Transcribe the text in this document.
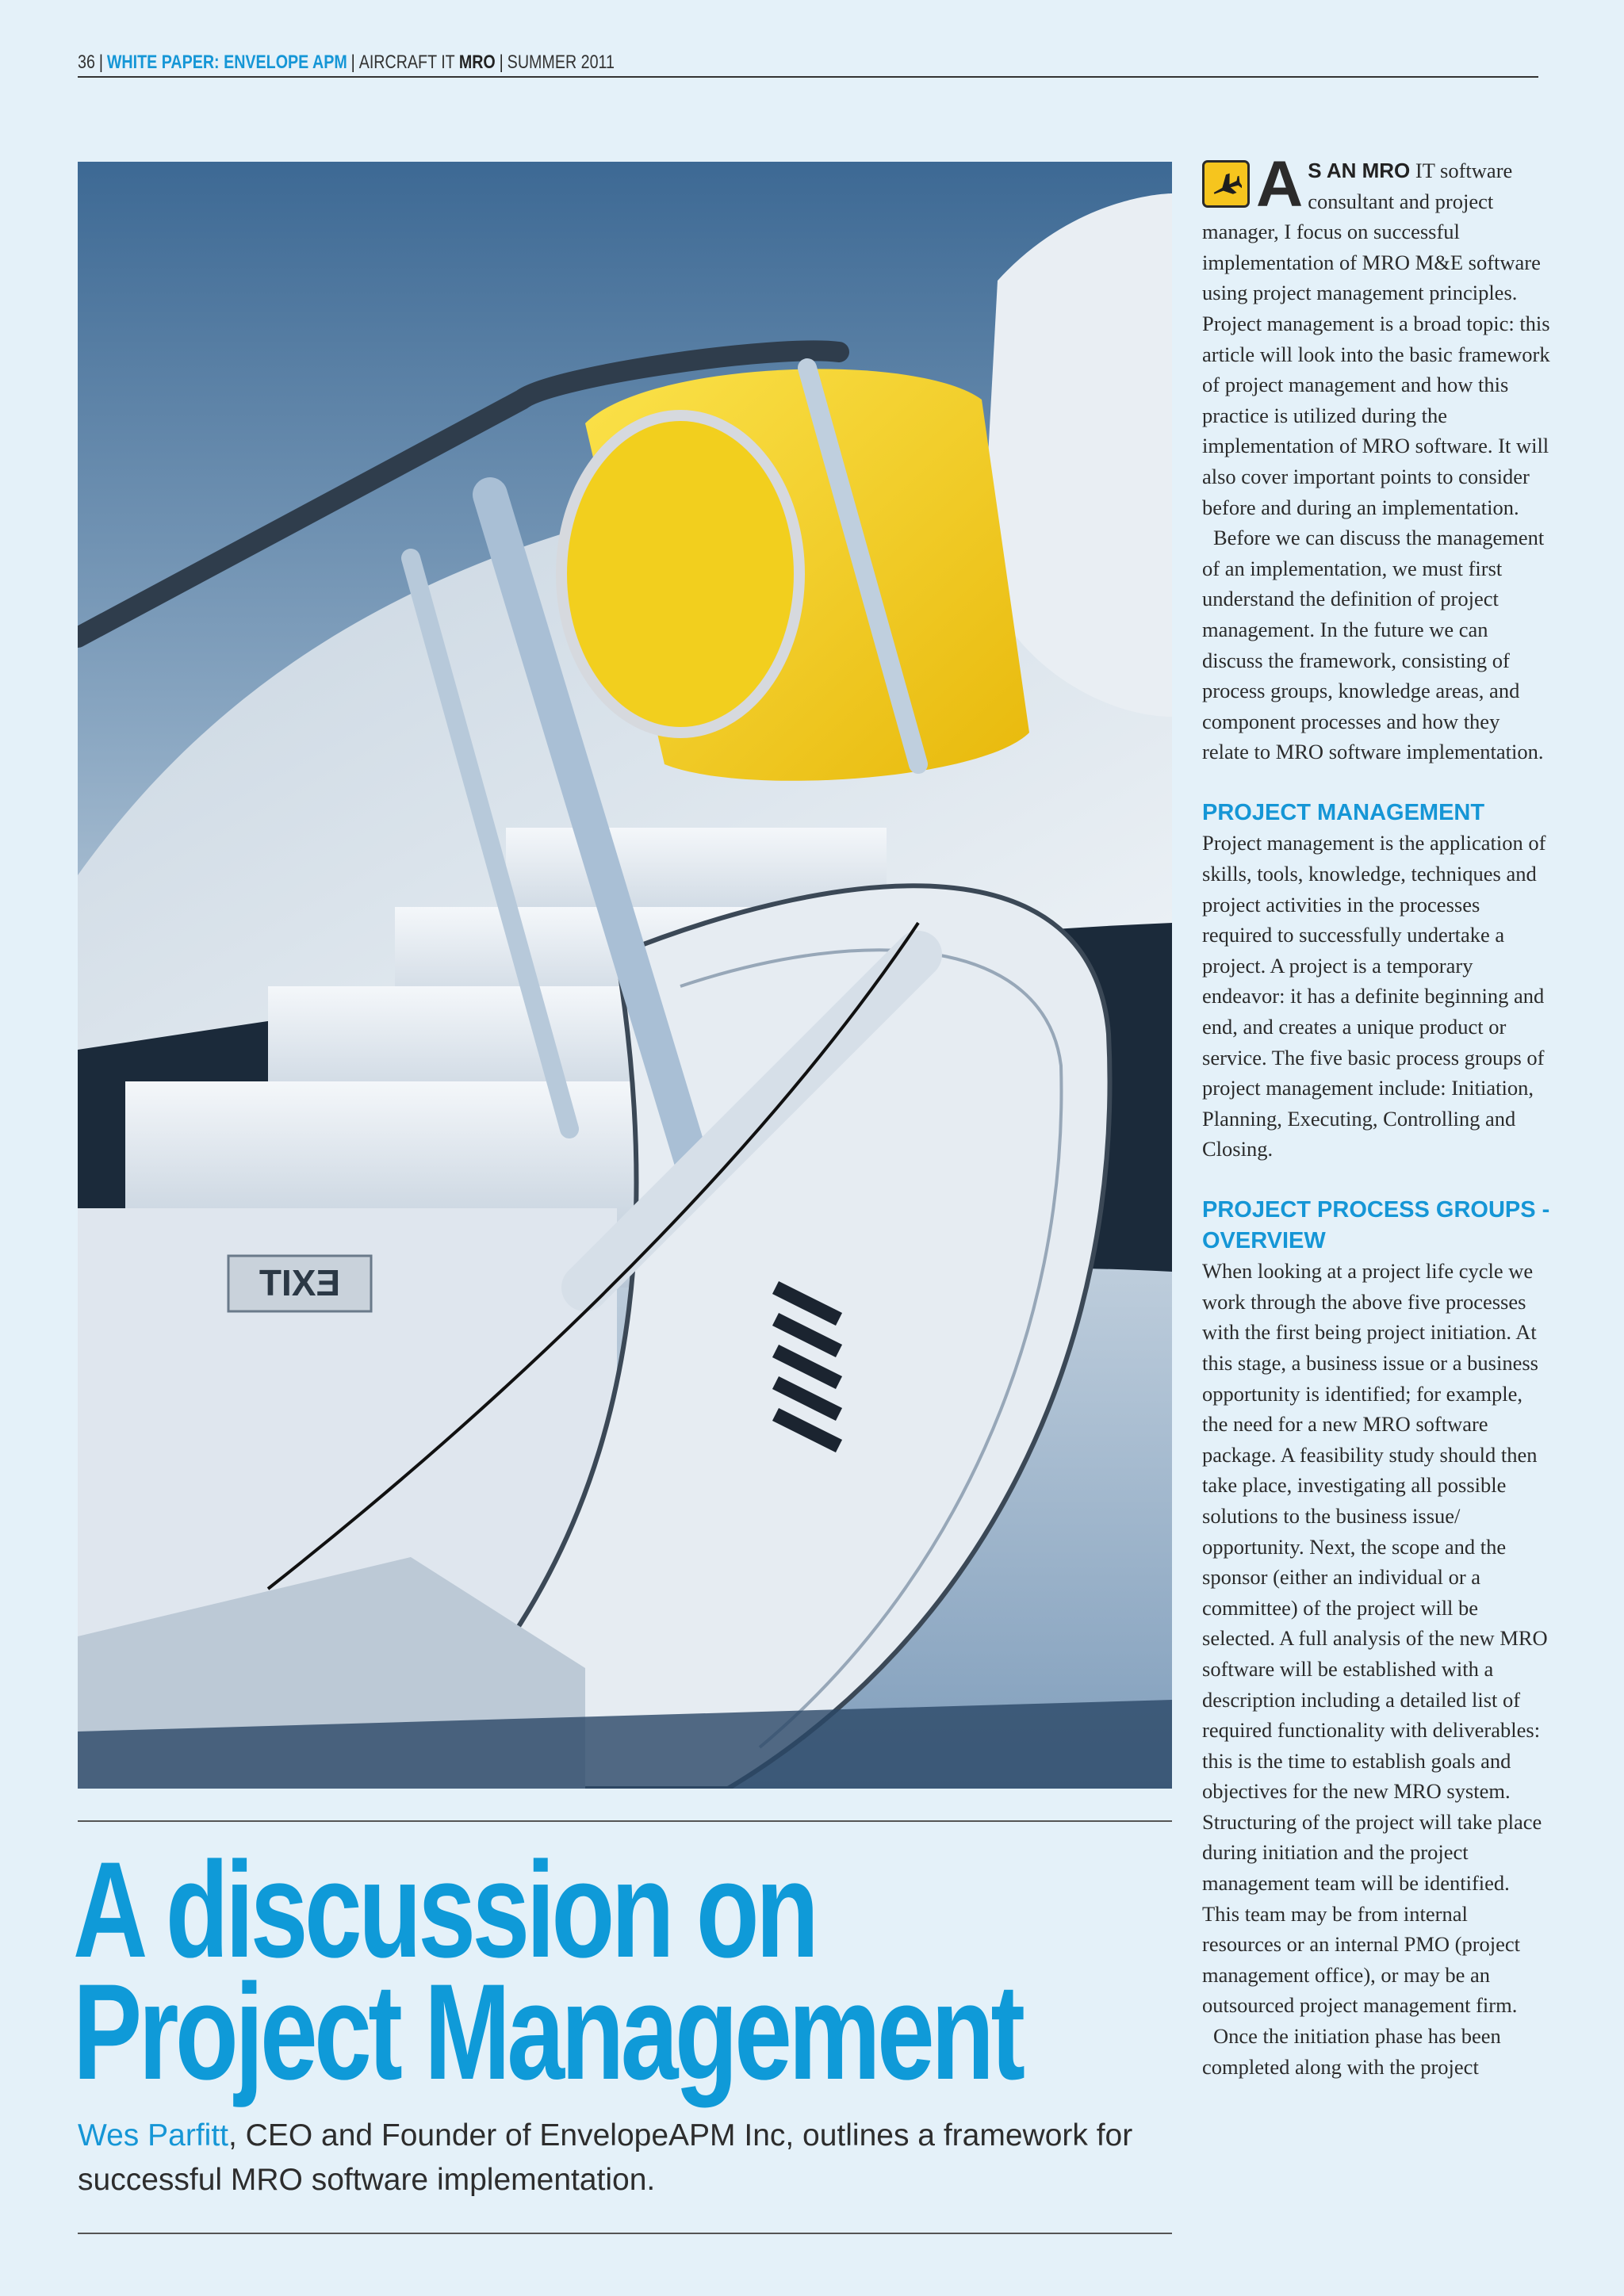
36 | WHITE PAPER: ENVELOPE APM | AIRCRAFT IT MRO | SUMMER 2011
EXIT
A discussion on
Project Management
Wes Parfitt, CEO and Founder of EnvelopeAPM Inc, outlines a framework for successful MRO software implementation.
A S AN MRO IT software consultant and project manager, I focus on successful implementation of MRO M&E software using project management principles. Project management is a broad topic: this article will look into the basic framework of project management and how this practice is utilized during the implementation of MRO software. It will also cover important points to consider before and during an implementation.

Before we can discuss the management of an implementation, we must first understand the definition of project management. In the future we can discuss the framework, consisting of process groups, knowledge areas, and component processes and how they relate to MRO software implementation.

PROJECT MANAGEMENT

Project management is the application of skills, tools, knowledge, techniques and project activities in the processes required to successfully undertake a project. A project is a temporary endeavor: it has a definite beginning and end, and creates a unique product or service. The five basic process groups of project management include: Initiation, Planning, Executing, Controlling and Closing.

PROJECT PROCESS GROUPS - OVERVIEW

When looking at a project life cycle we work through the above five processes with the first being project initiation. At this stage, a business issue or a business opportunity is identified; for example, the need for a new MRO software package. A feasibility study should then take place, investigating all possible solutions to the business issue/ opportunity. Next, the scope and the sponsor (either an individual or a committee) of the project will be selected. A full analysis of the new MRO software will be established with a description including a detailed list of required functionality with deliverables: this is the time to establish goals and objectives for the new MRO system. Structuring of the project will take place during initiation and the project management team will be identified. This team may be from internal resources or an internal PMO (project management office), or may be an outsourced project management firm.

Once the initiation phase has been completed along with the project
